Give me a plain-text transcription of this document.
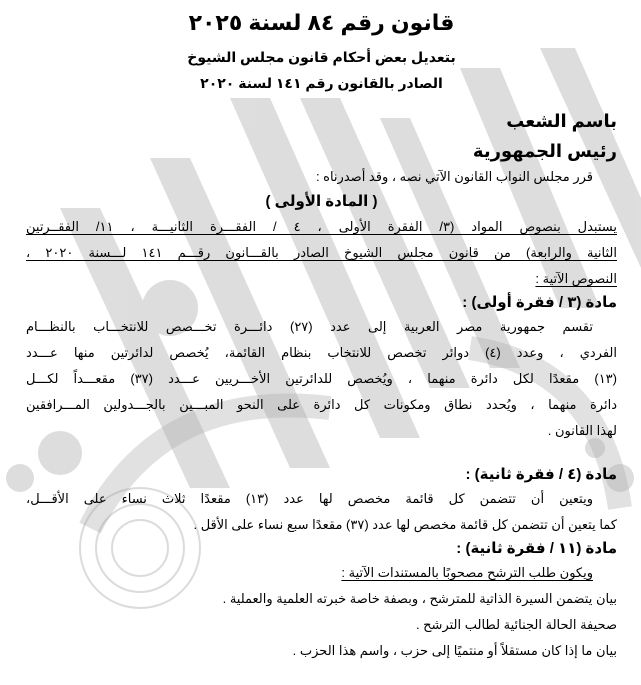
قانون رقم ٨٤ لسنة ٢٠٢٥
بتعديل بعض أحكام قانون مجلس الشيوخ
الصادر بالقانون رقم ١٤١ لسنة ٢٠٢٠
باسم الشعب
رئيس الجمهورية
قرر مجلس النواب القانون الآتي نصه ، وقد أصدرناه :
( المادة الأولى )
يستبدل بنصوص المواد (٣/ الفقرة الأولى ، ٤ / الفقـــرة الثانيـــة ، ١١/ الفقــرتين
الثانية والرابعة) من قانون مجلس الشيوخ الصادر بالقـــانون رقـــم ١٤١ لـــسنة ٢٠٢٠ ،
النصوص الآتية :
مادة (٣ / فقرة أولى) :
تقسم جمهورية مصر العربية إلى عدد (٢٧) دائـــرة تخـــصص للانتخـــاب بالنظـــام
الفردي ، وعدد (٤) دوائر تخصص للانتخاب بنظام القائمة، يُخصص لدائرتين منها عـــدد
(١٣) مقعدًا لكل دائرة منهما ، ويُخصص للدائرتين الأخـــريين عـــدد (٣٧) مقعـــداً لكـــل
دائرة منهما ، ويُحدد نطاق ومكونات كل دائرة على النحو المبـــين بالجـــدولين المـــرافقين
لهذا القانون .
مادة (٤ / فقرة ثانية) :
ويتعين أن تتضمن كل قائمة مخصص لها عدد (١٣) مقعدًا ثلاث نساء على الأقـــل،
كما يتعين أن تتضمن كل قائمة مخصص لها عدد (٣٧) مقعدًا سبع نساء على الأقل .
مادة (١١ / فقرة ثانية) :
ويكون طلب الترشح مصحوبًا بالمستندات الآتية :
بيان يتضمن السيرة الذاتية للمترشح ، وبصفة خاصة خبرته العلمية والعملية .
صحيفة الحالة الجنائية لطالب الترشح .
بيان ما إذا كان مستقلاً أو منتميًا إلى حزب ، واسم هذا الحزب .
